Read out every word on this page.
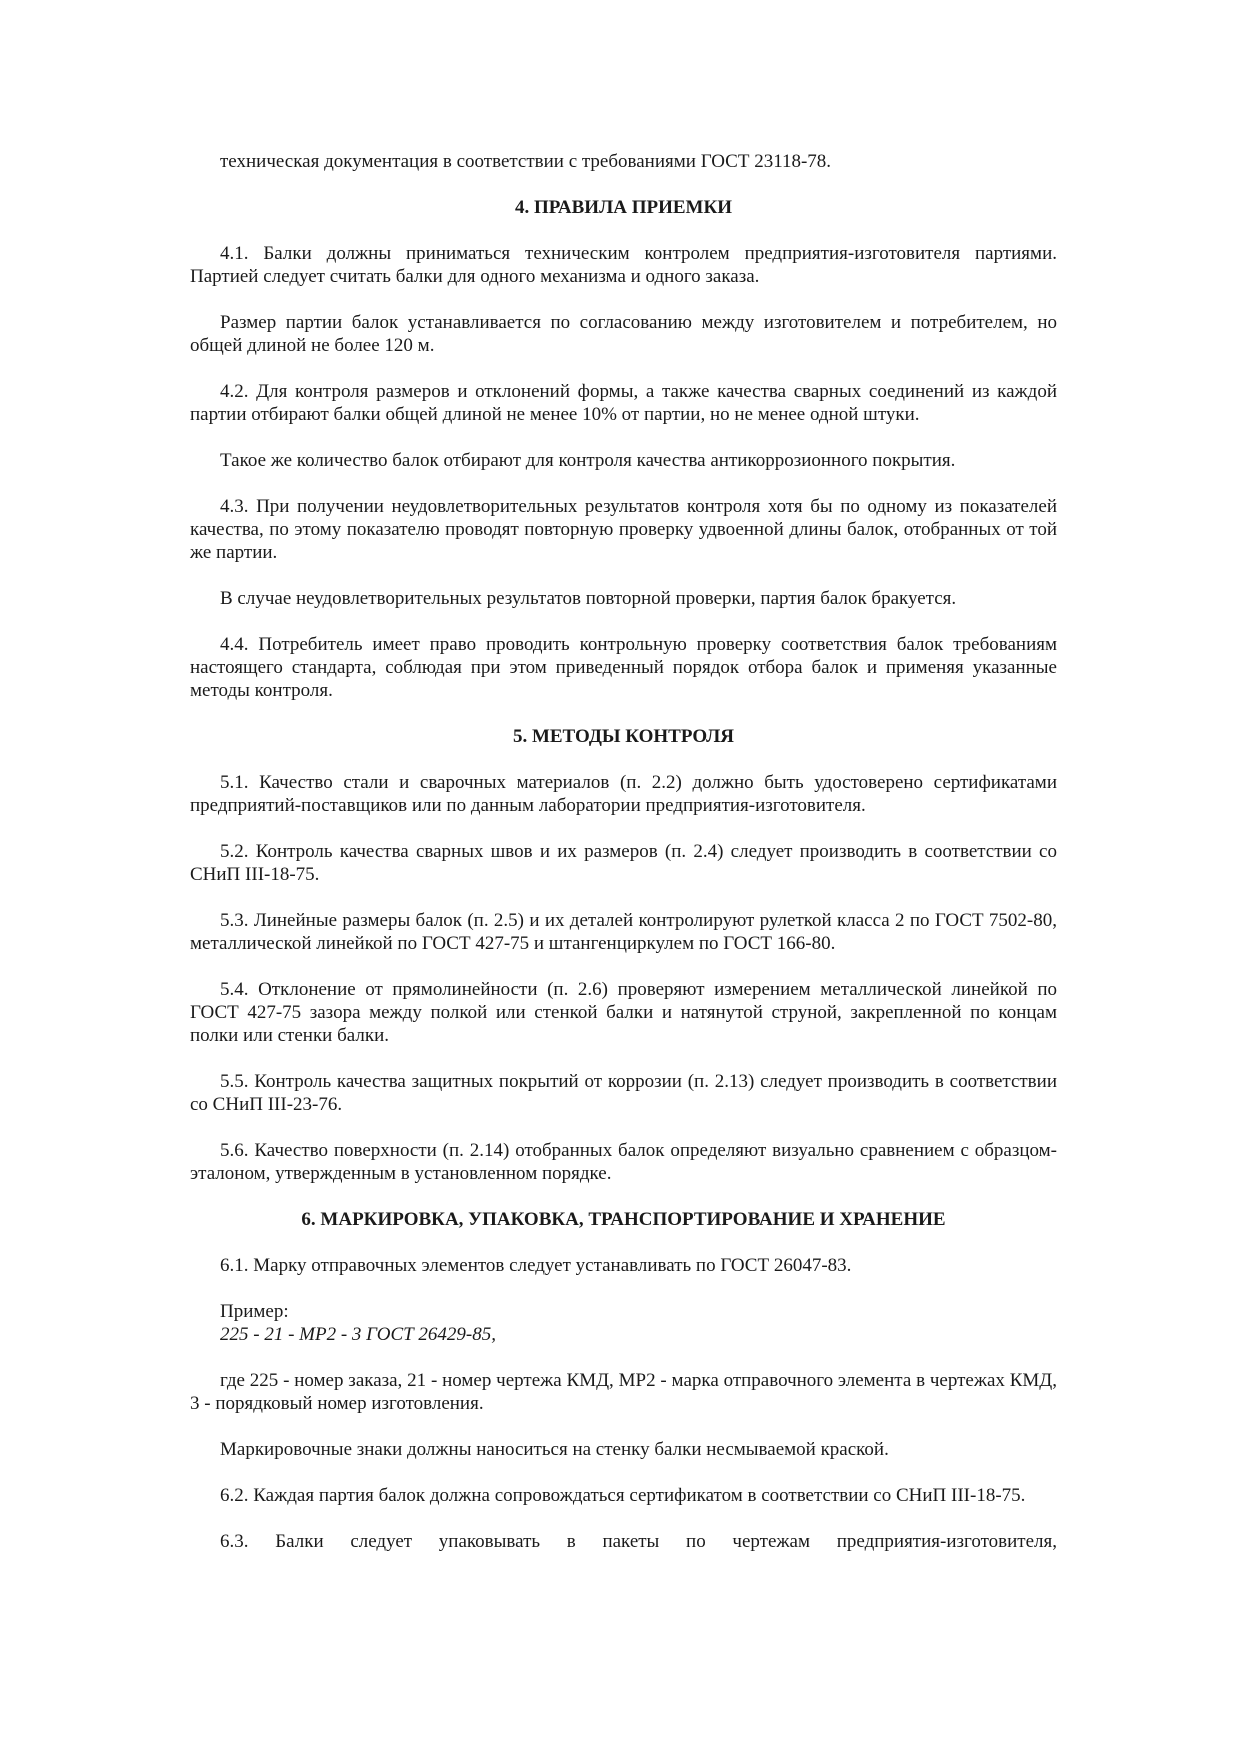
техническая документация в соответствии с требованиями ГОСТ 23118-78.

4. ПРАВИЛА ПРИЕМКИ

4.1. Балки должны приниматься техническим контролем предприятия-изготовителя партиями. Партией следует считать балки для одного механизма и одного заказа.

Размер партии балок устанавливается по согласованию между изготовителем и потребителем, но общей длиной не более 120 м.

4.2. Для контроля размеров и отклонений формы, а также качества сварных соединений из каждой партии отбирают балки общей длиной не менее 10% от партии, но не менее одной штуки.

Такое же количество балок отбирают для контроля качества антикоррозионного покрытия.

4.3. При получении неудовлетворительных результатов контроля хотя бы по одному из показателей качества, по этому показателю проводят повторную проверку удвоенной длины балок, отобранных от той же партии.

В случае неудовлетворительных результатов повторной проверки, партия балок бракуется.

4.4. Потребитель имеет право проводить контрольную проверку соответствия балок требованиям настоящего стандарта, соблюдая при этом приведенный порядок отбора балок и применяя указанные методы контроля.

5. МЕТОДЫ КОНТРОЛЯ

5.1. Качество стали и сварочных материалов (п. 2.2) должно быть удостоверено сертификатами предприятий-поставщиков или по данным лаборатории предприятия-изготовителя.

5.2. Контроль качества сварных швов и их размеров (п. 2.4) следует производить в соответствии со СНиП III-18-75.

5.3. Линейные размеры балок (п. 2.5) и их деталей контролируют рулеткой класса 2 по ГОСТ 7502-80, металлической линейкой по ГОСТ 427-75 и штангенциркулем по ГОСТ 166-80.

5.4. Отклонение от прямолинейности (п. 2.6) проверяют измерением металлической линейкой по ГОСТ 427-75 зазора между полкой или стенкой балки и натянутой струной, закрепленной по концам полки или стенки балки.

5.5. Контроль качества защитных покрытий от коррозии (п. 2.13) следует производить в соответствии со СНиП III-23-76.

5.6. Качество поверхности (п. 2.14) отобранных балок определяют визуально сравнением с образцом-эталоном, утвержденным в установленном порядке.

6. МАРКИРОВКА, УПАКОВКА, ТРАНСПОРТИРОВАНИЕ И ХРАНЕНИЕ

6.1. Марку отправочных элементов следует устанавливать по ГОСТ 26047-83.

Пример:
225 - 21 - МР2 - 3 ГОСТ 26429-85,

где 225 - номер заказа, 21 - номер чертежа КМД, МР2 - марка отправочного элемента в чертежах КМД, 3 - порядковый номер изготовления.

Маркировочные знаки должны наноситься на стенку балки несмываемой краской.

6.2. Каждая партия балок должна сопровождаться сертификатом в соответствии со СНиП III-18-75.

6.3. Балки следует упаковывать в пакеты по чертежам предприятия-изготовителя,
